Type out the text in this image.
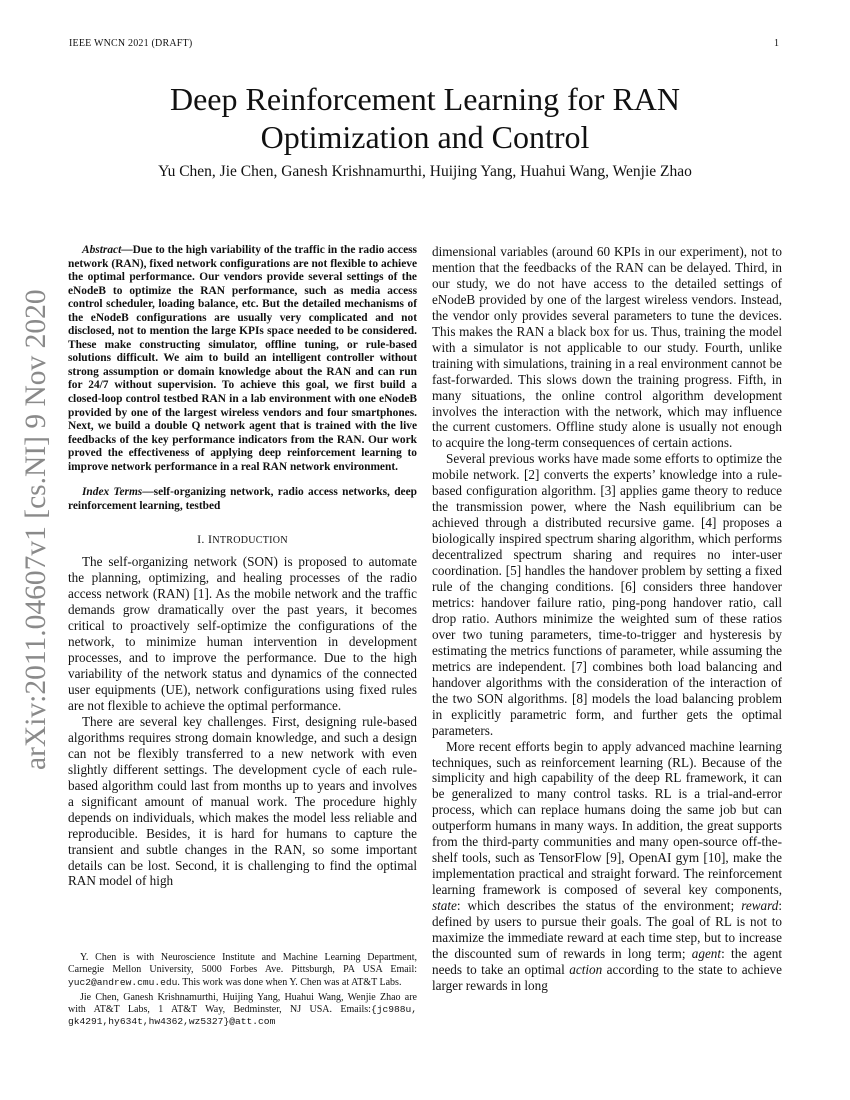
IEEE WNCN 2021 (DRAFT)	1
arXiv:2011.04607v1 [cs.NI] 9 Nov 2020
Deep Reinforcement Learning for RAN
Optimization and Control
Yu Chen, Jie Chen, Ganesh Krishnamurthi, Huijing Yang, Huahui Wang, Wenjie Zhao

Abstract—Due to the high variability of the traffic in the radio access network (RAN), fixed network configurations are not flexible to achieve the optimal performance. Our vendors provide several settings of the eNodeB to optimize the RAN performance, such as media access control scheduler, loading balance, etc. But the detailed mechanisms of the eNodeB configurations are usually very complicated and not disclosed, not to mention the large KPIs space needed to be considered. These make constructing simulator, offline tuning, or rule-based solutions difficult. We aim to build an intelligent controller without strong assumption or domain knowledge about the RAN and can run for 24/7 without supervision. To achieve this goal, we first build a closed-loop control testbed RAN in a lab environment with one eNodeB provided by one of the largest wireless vendors and four smartphones. Next, we build a double Q network agent that is trained with the live feedbacks of the key performance indicators from the RAN. Our work proved the effectiveness of applying deep reinforcement learning to improve network performance in a real RAN network environment.

Index Terms—self-organizing network, radio access networks, deep reinforcement learning, testbed

I. INTRODUCTION

The self-organizing network (SON) is proposed to automate the planning, optimizing, and healing processes of the radio access network (RAN) [1]. As the mobile network and the traffic demands grow dramatically over the past years, it becomes critical to proactively self-optimize the configurations of the network, to minimize human intervention in development processes, and to improve the performance. Due to the high variability of the network status and dynamics of the connected user equipments (UE), network configurations using fixed rules are not flexible to achieve the optimal performance.

There are several key challenges. First, designing rule-based algorithms requires strong domain knowledge, and such a design can not be flexibly transferred to a new network with even slightly different settings. The development cycle of each rule-based algorithm could last from months up to years and involves a significant amount of manual work. The procedure highly depends on individuals, which makes the model less reliable and reproducible. Besides, it is hard for humans to capture the transient and subtle changes in the RAN, so some important details can be lost. Second, it is challenging to find the optimal RAN model of high

Y. Chen is with Neuroscience Institute and Machine Learning Department, Carnegie Mellon University, 5000 Forbes Ave. Pittsburgh, PA USA Email: yuc2@andrew.cmu.edu. This work was done when Y. Chen was at AT&T Labs.

Jie Chen, Ganesh Krishnamurthi, Huijing Yang, Huahui Wang, Wenjie Zhao are with AT&T Labs, 1 AT&T Way, Bedminster, NJ USA. Emails:{jc988u, gk4291,hy634t,hw4362,wz5327}@att.com

dimensional variables (around 60 KPIs in our experiment), not to mention that the feedbacks of the RAN can be delayed. Third, in our study, we do not have access to the detailed settings of eNodeB provided by one of the largest wireless vendors. Instead, the vendor only provides several parameters to tune the devices. This makes the RAN a black box for us. Thus, training the model with a simulator is not applicable to our study. Fourth, unlike training with simulations, training in a real environment cannot be fast-forwarded. This slows down the training progress. Fifth, in many situations, the online control algorithm development involves the interaction with the network, which may influence the current customers. Offline study alone is usually not enough to acquire the long-term consequences of certain actions.

Several previous works have made some efforts to optimize the mobile network. [2] converts the experts’ knowledge into a rule-based configuration algorithm. [3] applies game theory to reduce the transmission power, where the Nash equilibrium can be achieved through a distributed recursive game. [4] proposes a biologically inspired spectrum sharing algorithm, which performs decentralized spectrum sharing and requires no inter-user coordination. [5] handles the handover problem by setting a fixed rule of the changing conditions. [6] considers three handover metrics: handover failure ratio, ping-pong handover ratio, call drop ratio. Authors minimize the weighted sum of these ratios over two tuning parameters, time-to-trigger and hysteresis by estimating the metrics functions of parameter, while assuming the metrics are independent. [7] combines both load balancing and handover algorithms with the consideration of the interaction of the two SON algorithms. [8] models the load balancing problem in explicitly parametric form, and further gets the optimal parameters.

More recent efforts begin to apply advanced machine learning techniques, such as reinforcement learning (RL). Because of the simplicity and high capability of the deep RL framework, it can be generalized to many control tasks. RL is a trial-and-error process, which can replace humans doing the same job but can outperform humans in many ways. In addition, the great supports from the third-party communities and many open-source off-the-shelf tools, such as TensorFlow [9], OpenAI gym [10], make the implementation practical and straight forward. The reinforcement learning framework is composed of several key components, state: which describes the status of the environment; reward: defined by users to pursue their goals. The goal of RL is not to maximize the immediate reward at each time step, but to increase the discounted sum of rewards in long term; agent: the agent needs to take an optimal action according to the state to achieve larger rewards in long
